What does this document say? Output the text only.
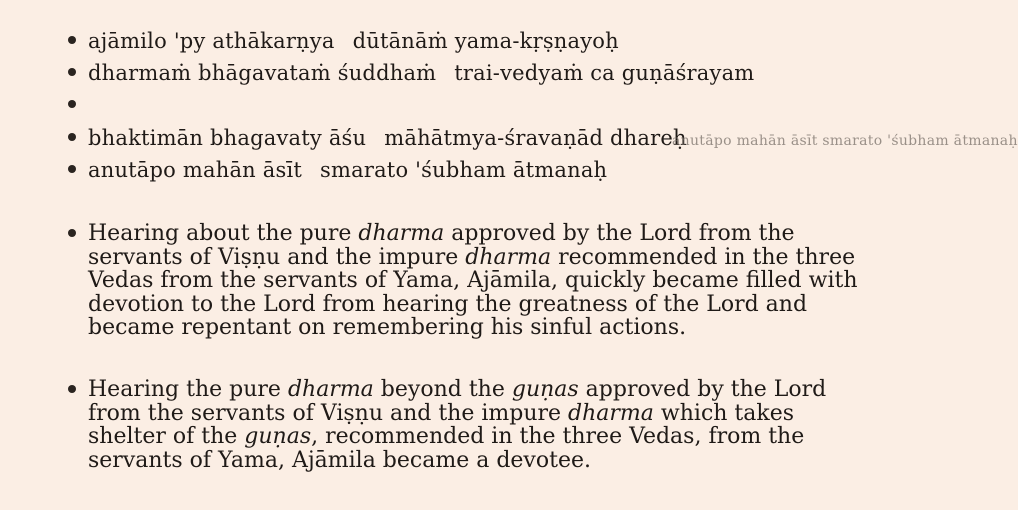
ajāmilo 'py athākarṇya dūtānāṁ yama-kṛṣṇayoḥ
dharmaṁ bhāgavataṁ śuddhaṁ trai-vedyaṁ ca guṇāśrayam
bhaktimān bhagavaty āśu māhātmya-śravaṇād dhareḥ
anutāpo mahān āsīt smarato 'śubham ātmanaḥ
anutāpo mahān āsīt smarato 'śubham ātmanaḥ
Hearing about the pure dharma approved by the Lord from the servants of Viṣṇu and the impure dharma recommended in the three Vedas from the servants of Yama, Ajāmila, quickly became filled with devotion to the Lord from hearing the greatness of the Lord and became repentant on remembering his sinful actions.
Hearing the pure dharma beyond the guṇas approved by the Lord from the servants of Viṣṇu and the impure dharma which takes shelter of the guṇas, recommended in the three Vedas, from the servants of Yama, Ajāmila became a devotee.
